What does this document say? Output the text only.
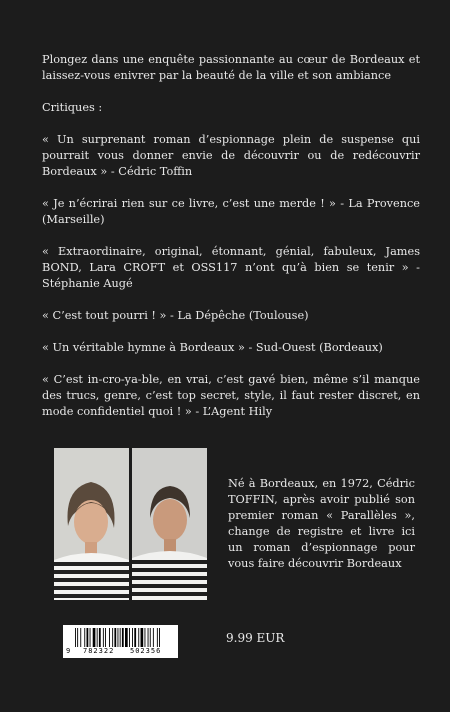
Plongez dans une enquête passionnante au cœur de Bordeaux et laissez-vous enivrer par la beauté de la ville et son ambiance

Critiques :

« Un surprenant roman d’espionnage plein de suspense qui pourrait vous donner envie de découvrir ou de redécouvrir Bordeaux » - Cédric Toffin

« Je n’écrirai rien sur ce livre, c’est une merde ! » - La Provence (Marseille)

« Extraordinaire, original, étonnant, génial, fabuleux, James BOND, Lara CROFT et OSS117 n’ont qu’à bien se tenir » - Stéphanie Augé

« C’est tout pourri ! » - La Dépêche (Toulouse)

« Un véritable hymne à Bordeaux » - Sud-Ouest (Bordeaux)

« C’est in-cro-ya-ble, en vrai, c’est gavé bien, même s’il manque des trucs, genre, c’est top secret, style, il faut rester discret, en mode confidentiel quoi ! » - L’Agent Hily

Né à Bordeaux, en 1972, Cédric TOFFIN, après avoir publié son premier roman « Parallèles », change de registre et livre ici un roman d’espionnage pour vous faire découvrir Bordeaux

9 782322 502356
9.99 EUR
